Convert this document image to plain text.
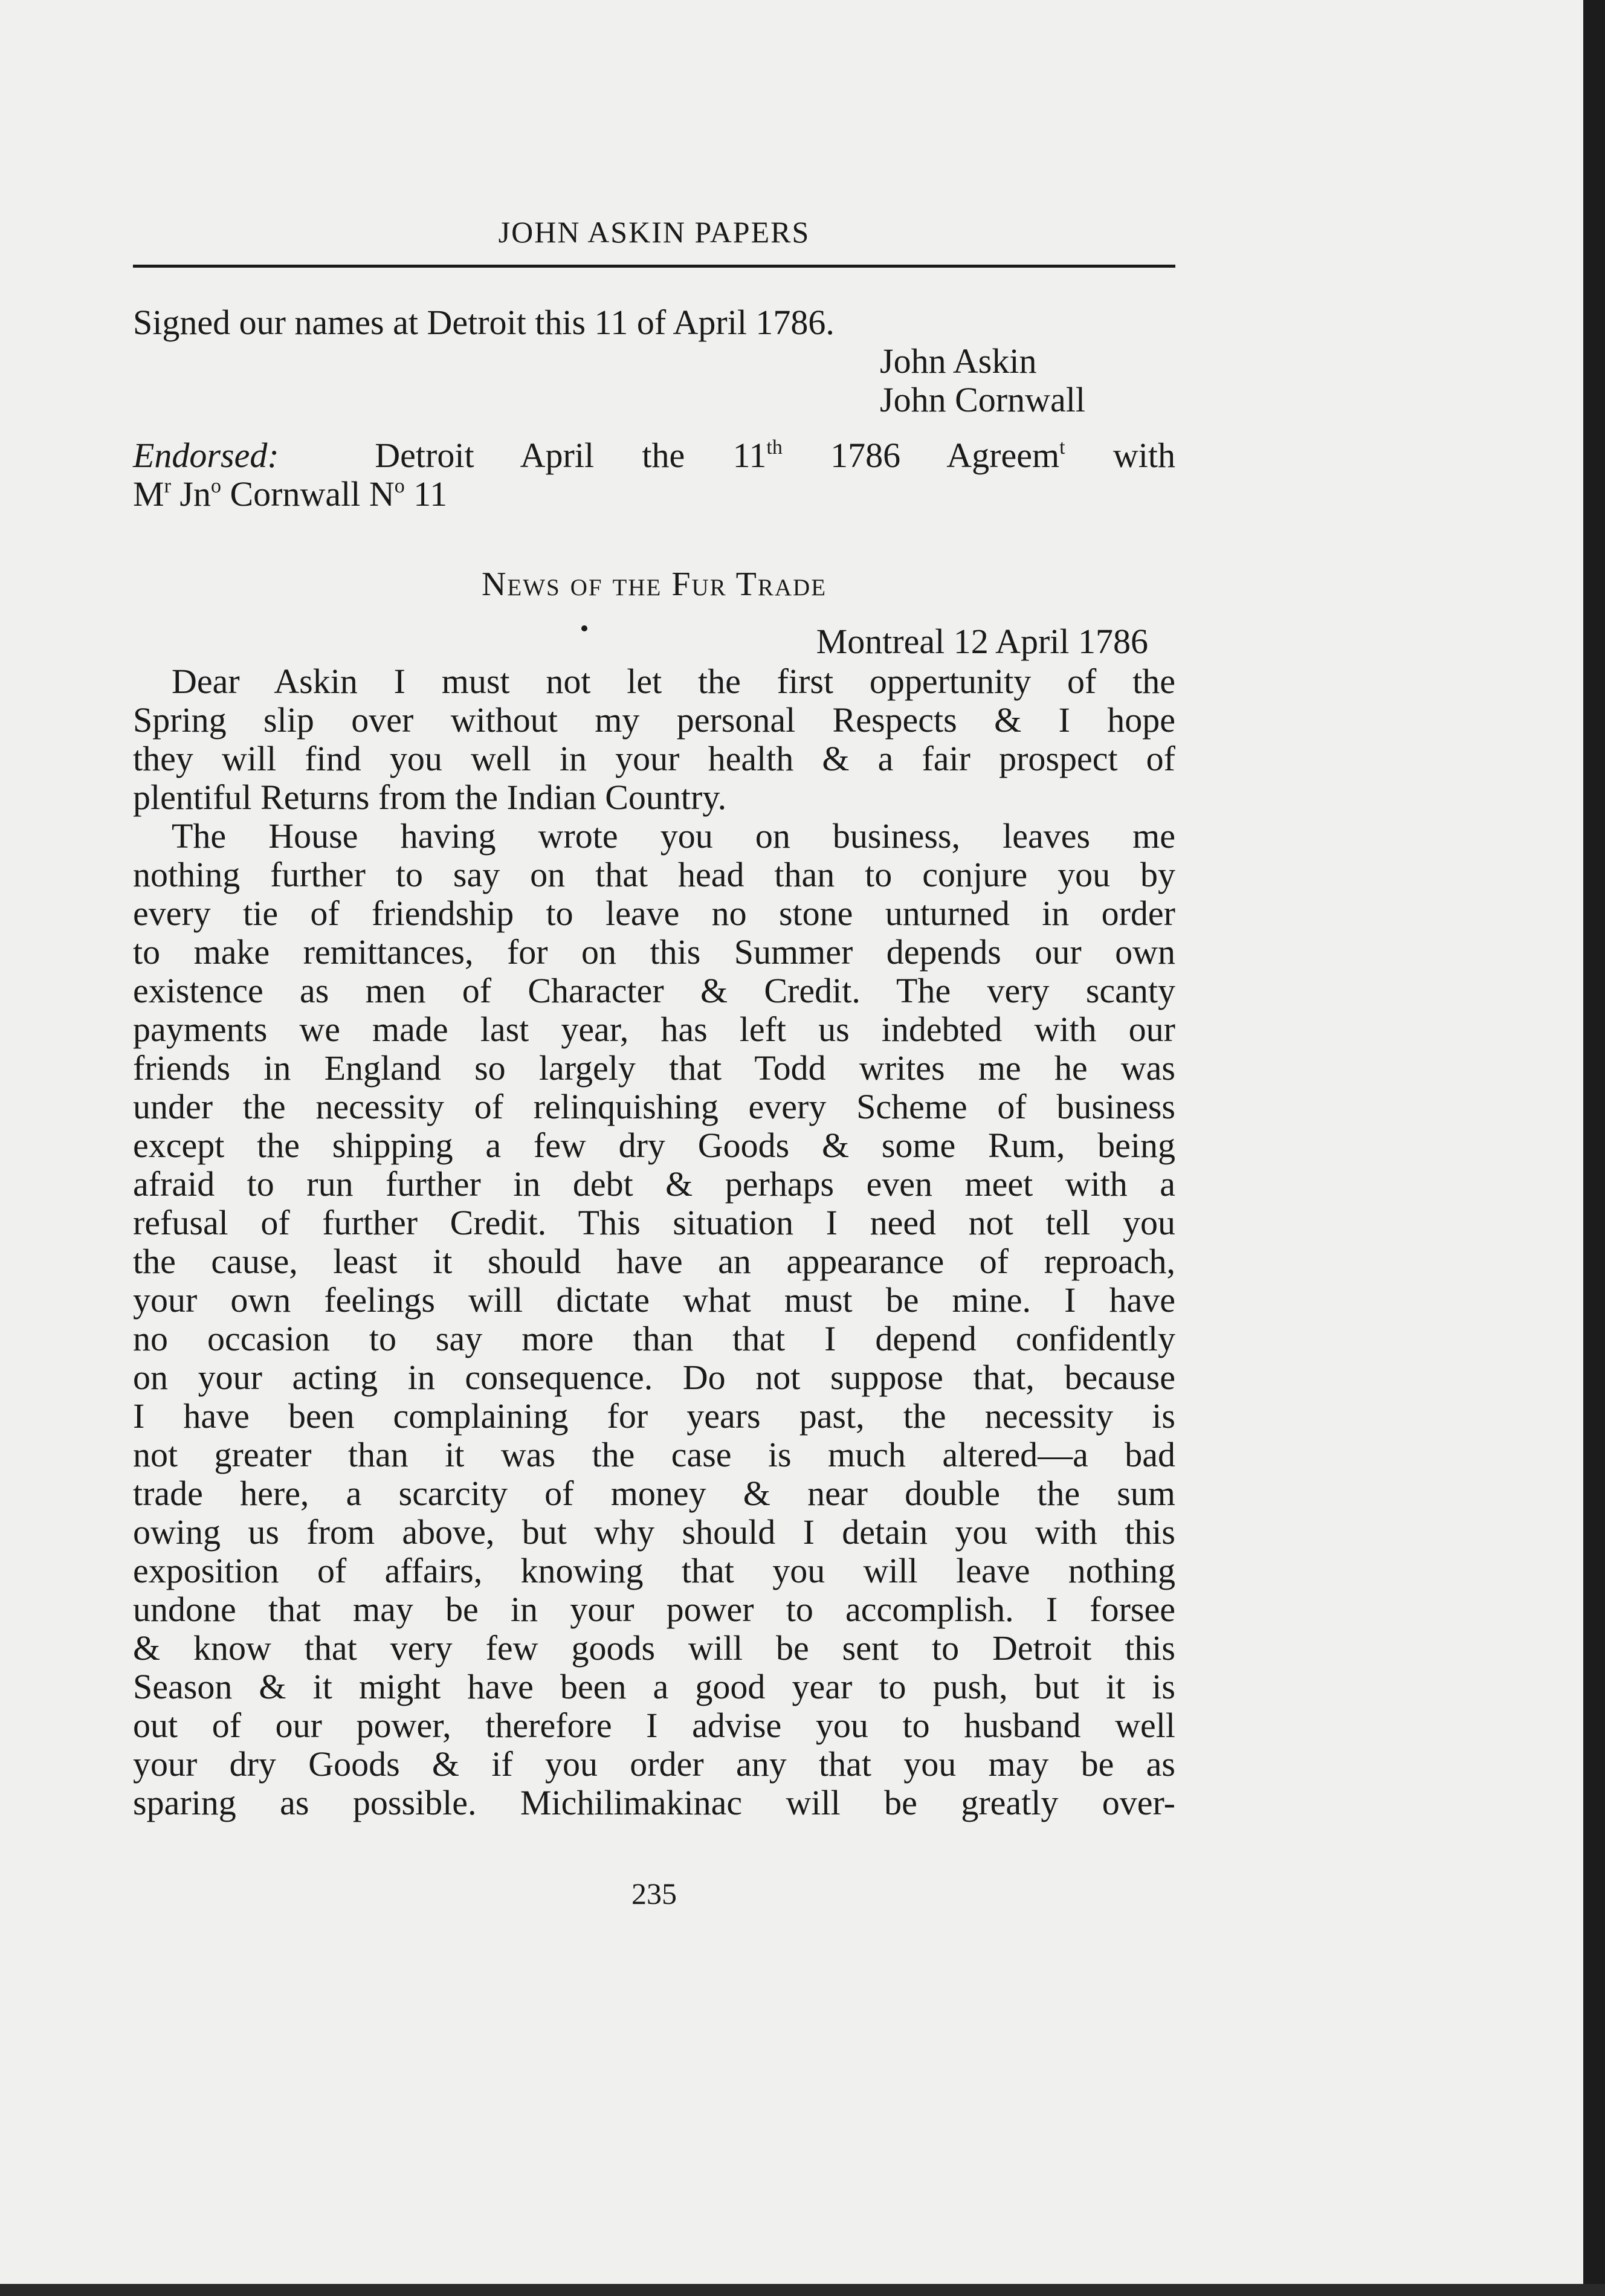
JOHN ASKIN PAPERS

Signed our names at Detroit this 11 of April 1786.

John Askin
John Cornwall

Endorsed:	Detroit April the 11th 1786 Agreem$^t$ with

$M^r$ Jn$^o$ Cornwall $N^o$ 11

News of the Fur Trade
Montreal 12 April 1786

Dear Askin I must not let the first oppertunity of the

Spring slip over without my personal Respects & I hope

they will find you well in your health & a fair prospect of

plentiful Returns from the Indian Country.

The House having wrote you on business, leaves me

nothing further to say on that head than to conjure you by

every tie of friendship to leave no stone unturned in order

to make remittances, for on this Summer depends our own

existence as men of Character & Credit. The very scanty

payments we made last year, has left us indebted with our

friends in England so largely that Todd writes me he was

under the necessity of relinquishing every Scheme of business

except the shipping a few dry Goods & some Rum, being

afraid to run further in debt & perhaps even meet with a

refusal of further Credit. This situation I need not tell you

the cause, least it should have an appearance of reproach,

your own feelings will dictate what must be mine. I have

no occasion to say more than that I depend confidently

on your acting in consequence. Do not suppose that, because

I have been complaining for years past, the necessity is

not greater than it was the case is much altered—a bad

trade here, a scarcity of money & near double the sum

owing us from above, but why should I detain you with this

exposition of affairs, knowing that you will leave nothing

undone that may be in your power to accomplish. I forsee

& know that very few goods will be sent to Detroit this

Season & it might have been a good year to push, but it is

out of our power, therefore I advise you to husband well

your dry Goods & if you order any that you may be as

sparing as possible. Michilimakinac will be greatly over-

235
